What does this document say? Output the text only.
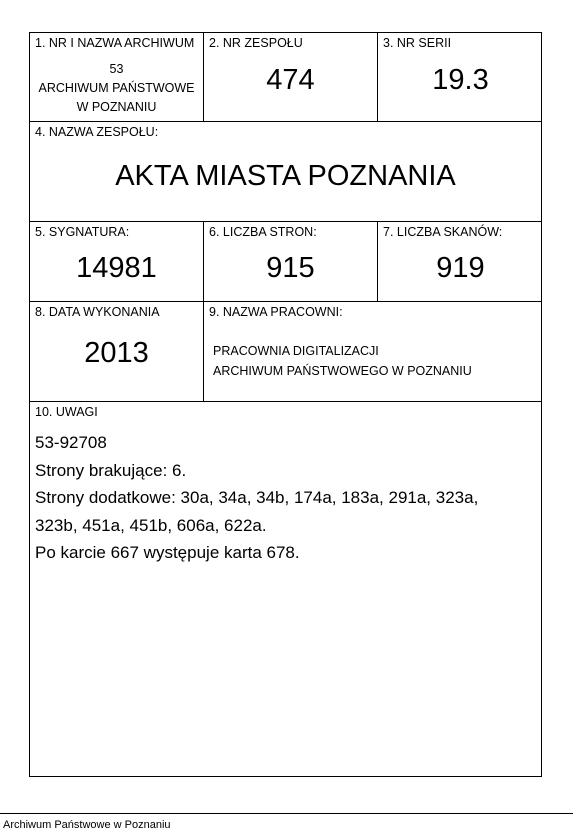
1. NR I NAZWA ARCHIWUM
53
ARCHIWUM PAŃSTWOWE
W POZNANIU
2. NR ZESPOŁU
474
3. NR SERII
19.3
4. NAZWA ZESPOŁU:
AKTA MIASTA POZNANIA
5. SYGNATURA:
14981
6. LICZBA STRON:
915
7. LICZBA SKANÓW:
919
8. DATA WYKONANIA
2013
9. NAZWA PRACOWNI:
PRACOWNIA DIGITALIZACJI
ARCHIWUM PAŃSTWOWEGO W POZNANIU
10. UWAGI
53-92708
Strony brakujące: 6.
Strony dodatkowe: 30a, 34a, 34b, 174a, 183a, 291a, 323a,
323b, 451a, 451b, 606a, 622a.
Po karcie 667 występuje karta 678.
Archiwum Państwowe w Poznaniu
